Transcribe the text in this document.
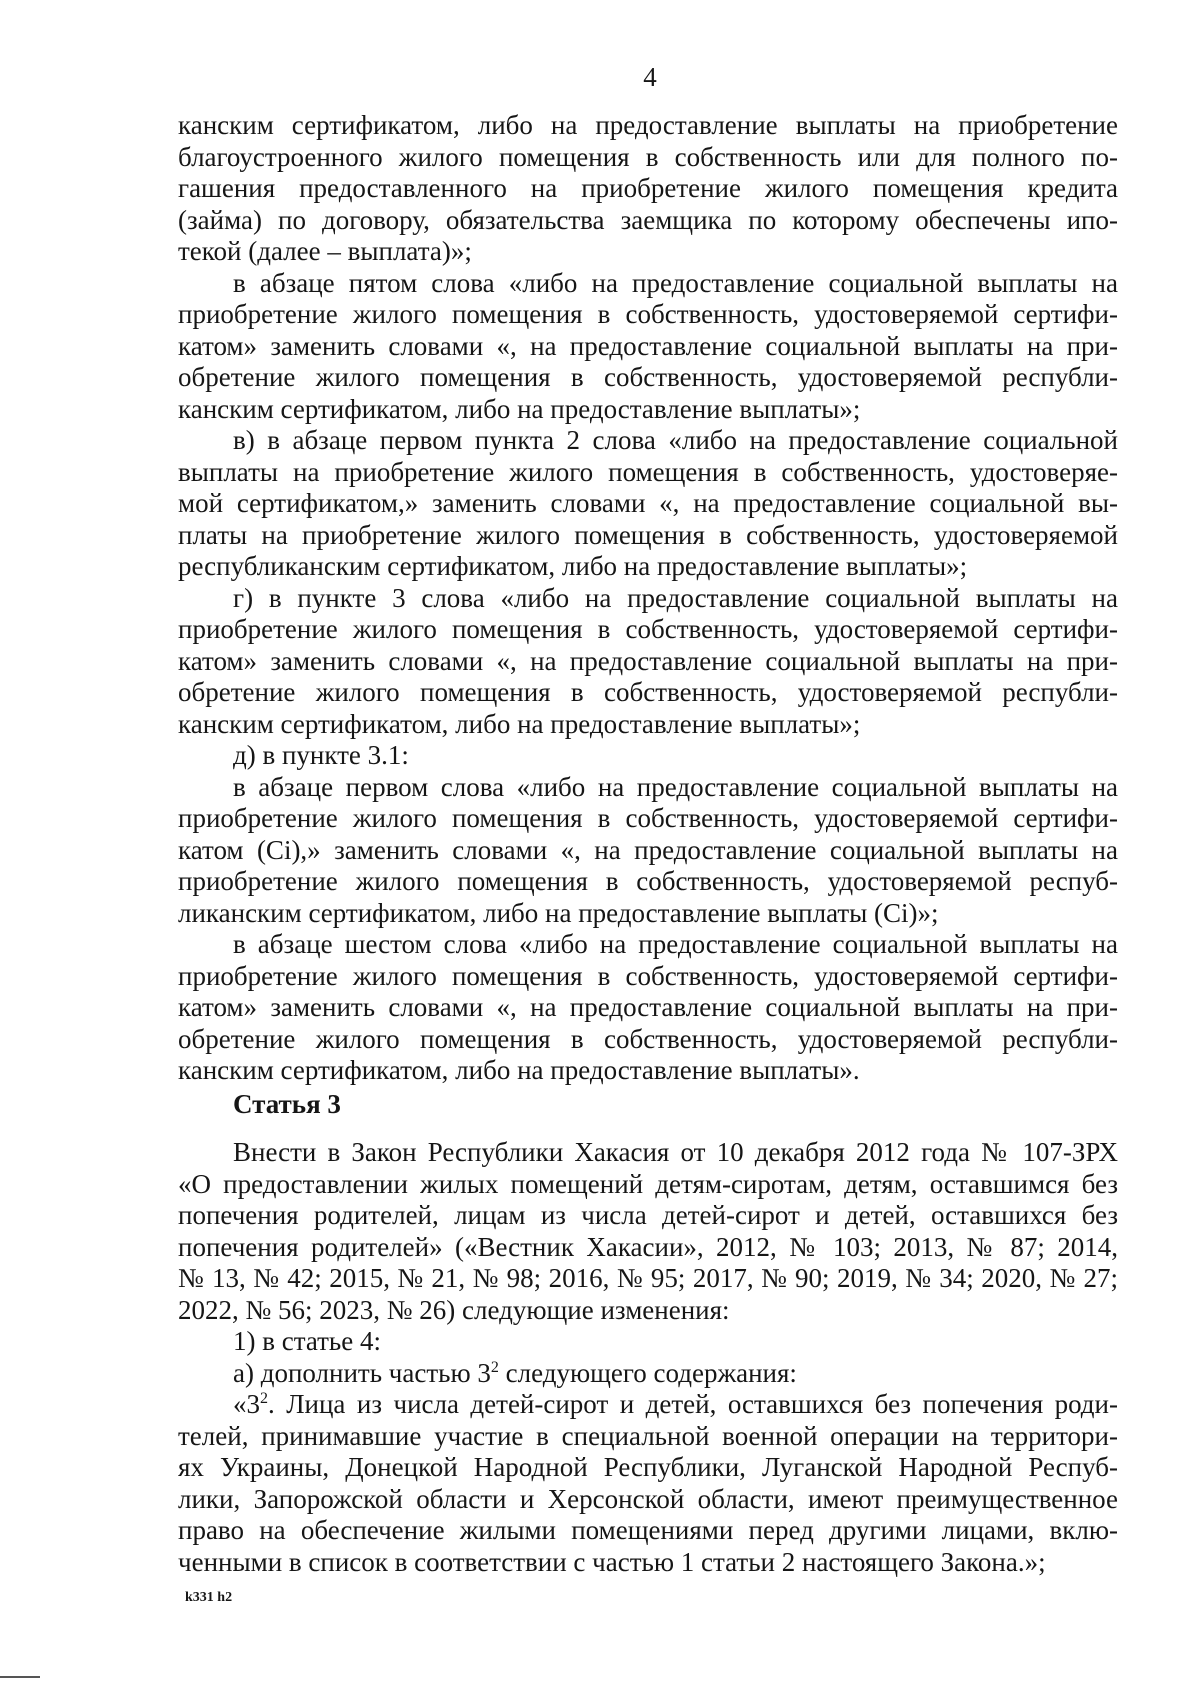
4
канским сертификатом, либо на предоставление выплаты на приобретение
благоустроенного жилого помещения в собственность или для полного по-
гашения предоставленного на приобретение жилого помещения кредита
(займа) по договору, обязательства заемщика по которому обеспечены ипо-
текой (далее – выплата)»;
в абзаце пятом слова «либо на предоставление социальной выплаты на
приобретение жилого помещения в собственность, удостоверяемой сертифи-
катом» заменить словами «, на предоставление социальной выплаты на при-
обретение жилого помещения в собственность, удостоверяемой республи-
канским сертификатом, либо на предоставление выплаты»;
в) в абзаце первом пункта 2 слова «либо на предоставление социальной
выплаты на приобретение жилого помещения в собственность, удостоверяе-
мой сертификатом,» заменить словами «, на предоставление социальной вы-
платы на приобретение жилого помещения в собственность, удостоверяемой
республиканским сертификатом, либо на предоставление выплаты»;
г) в пункте 3 слова «либо на предоставление социальной выплаты на
приобретение жилого помещения в собственность, удостоверяемой сертифи-
катом» заменить словами «, на предоставление социальной выплаты на при-
обретение жилого помещения в собственность, удостоверяемой республи-
канским сертификатом, либо на предоставление выплаты»;
д) в пункте 3.1:
в абзаце первом слова «либо на предоставление социальной выплаты на
приобретение жилого помещения в собственность, удостоверяемой сертифи-
катом (Ci),» заменить словами «, на предоставление социальной выплаты на
приобретение жилого помещения в собственность, удостоверяемой респуб-
ликанским сертификатом, либо на предоставление выплаты (Ci)»;
в абзаце шестом слова «либо на предоставление социальной выплаты на
приобретение жилого помещения в собственность, удостоверяемой сертифи-
катом» заменить словами «, на предоставление социальной выплаты на при-
обретение жилого помещения в собственность, удостоверяемой республи-
канским сертификатом, либо на предоставление выплаты».
Статья 3
Внести в Закон Республики Хакасия от 10 декабря 2012 года № 107-ЗРХ
«О предоставлении жилых помещений детям-сиротам, детям, оставшимся без
попечения родителей, лицам из числа детей-сирот и детей, оставшихся без
попечения родителей» («Вестник Хакасии», 2012, № 103; 2013, № 87; 2014,
№ 13, № 42; 2015, № 21, № 98; 2016, № 95; 2017, № 90; 2019, № 34; 2020, № 27;
2022, № 56; 2023, № 26) следующие изменения:
1) в статье 4:
а) дополнить частью $3^2$ следующего содержания:
«$3^2$. Лица из числа детей-сирот и детей, оставшихся без попечения роди-
телей, принимавшие участие в специальной военной операции на территори-
ях Украины, Донецкой Народной Республики, Луганской Народной Респуб-
лики, Запорожской области и Херсонской области, имеют преимущественное
право на обеспечение жилыми помещениями перед другими лицами, вклю-
ченными в список в соответствии с частью 1 статьи 2 настоящего Закона.»;
k331 h2
